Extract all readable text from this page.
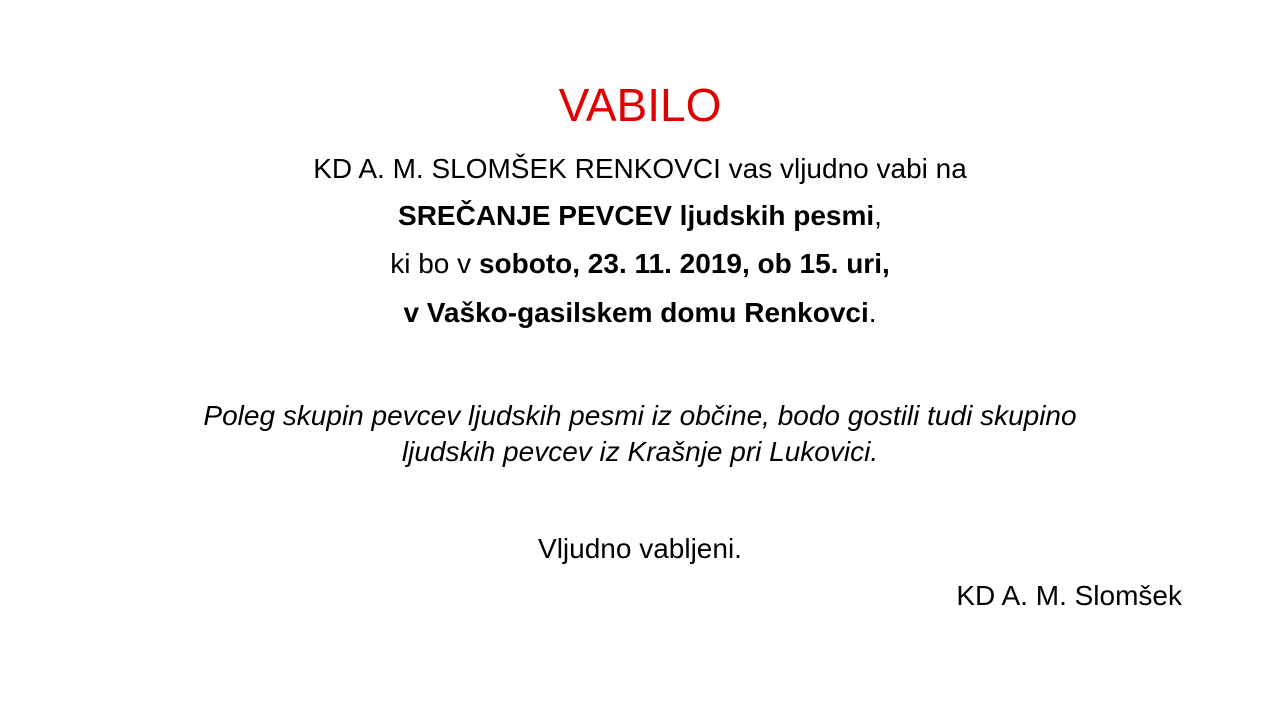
VABILO
KD A. M. SLOMŠEK RENKOVCI vas vljudno vabi na
SREČANJE PEVCEV ljudskih pesmi,
ki bo v soboto, 23. 11. 2019, ob 15. uri,
v Vaško-gasilskem domu Renkovci.
Poleg skupin pevcev ljudskih pesmi iz občine, bodo gostili tudi skupino
ljudskih pevcev iz Krašnje pri Lukovici.
Vljudno vabljeni.
KD A. M. Slomšek
